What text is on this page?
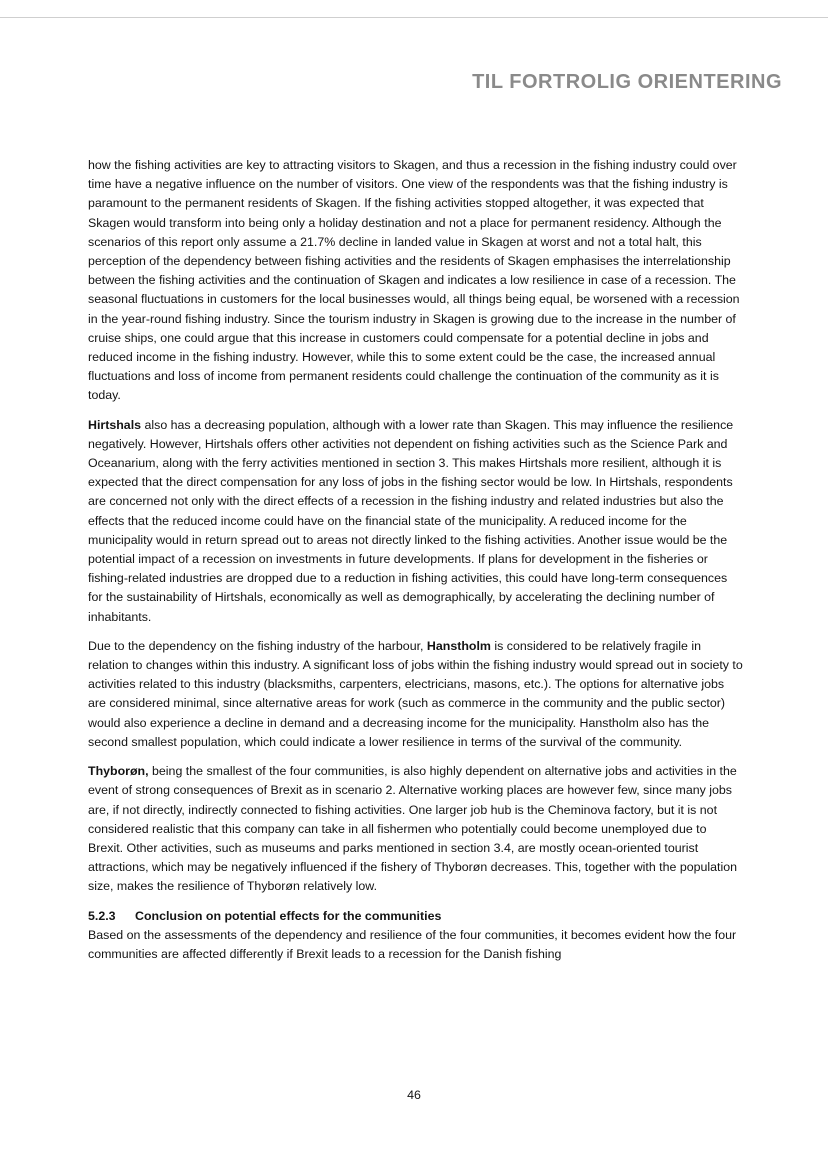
TIL FORTROLIG ORIENTERING

how the fishing activities are key to attracting visitors to Skagen, and thus a recession in the fishing industry could over time have a negative influence on the number of visitors. One view of the respondents was that the fishing industry is paramount to the permanent residents of Skagen. If the fishing activities stopped altogether, it was expected that Skagen would transform into being only a holiday destination and not a place for permanent residency. Although the scenarios of this report only assume a 21.7% decline in landed value in Skagen at worst and not a total halt, this perception of the dependency between fishing activities and the residents of Skagen emphasises the interrelationship between the fishing activities and the continuation of Skagen and indicates a low resilience in case of a recession. The seasonal fluctuations in customers for the local businesses would, all things being equal, be worsened with a recession in the year-round fishing industry. Since the tourism industry in Skagen is growing due to the increase in the number of cruise ships, one could argue that this increase in customers could compensate for a potential decline in jobs and reduced income in the fishing industry. However, while this to some extent could be the case, the increased annual fluctuations and loss of income from permanent residents could challenge the continuation of the community as it is today.

Hirtshals also has a decreasing population, although with a lower rate than Skagen. This may influence the resilience negatively. However, Hirtshals offers other activities not dependent on fishing activities such as the Science Park and Oceanarium, along with the ferry activities mentioned in section 3. This makes Hirtshals more resilient, although it is expected that the direct compensation for any loss of jobs in the fishing sector would be low. In Hirtshals, respondents are concerned not only with the direct effects of a recession in the fishing industry and related industries but also the effects that the reduced income could have on the financial state of the municipality. A reduced income for the municipality would in return spread out to areas not directly linked to the fishing activities. Another issue would be the potential impact of a recession on investments in future developments. If plans for development in the fisheries or fishing-related industries are dropped due to a reduction in fishing activities, this could have long-term consequences for the sustainability of Hirtshals, economically as well as demographically, by accelerating the declining number of inhabitants.

Due to the dependency on the fishing industry of the harbour, Hanstholm is considered to be relatively fragile in relation to changes within this industry. A significant loss of jobs within the fishing industry would spread out in society to activities related to this industry (blacksmiths, carpenters, electricians, masons, etc.). The options for alternative jobs are considered minimal, since alternative areas for work (such as commerce in the community and the public sector) would also experience a decline in demand and a decreasing income for the municipality. Hanstholm also has the second smallest population, which could indicate a lower resilience in terms of the survival of the community.

Thyborøn, being the smallest of the four communities, is also highly dependent on alternative jobs and activities in the event of strong consequences of Brexit as in scenario 2. Alternative working places are however few, since many jobs are, if not directly, indirectly connected to fishing activities. One larger job hub is the Cheminova factory, but it is not considered realistic that this company can take in all fishermen who potentially could become unemployed due to Brexit. Other activities, such as museums and parks mentioned in section 3.4, are mostly ocean-oriented tourist attractions, which may be negatively influenced if the fishery of Thyborøn decreases. This, together with the population size, makes the resilience of Thyborøn relatively low.

5.2.3 Conclusion on potential effects for the communities

Based on the assessments of the dependency and resilience of the four communities, it becomes evident how the four communities are affected differently if Brexit leads to a recession for the Danish fishing

46
